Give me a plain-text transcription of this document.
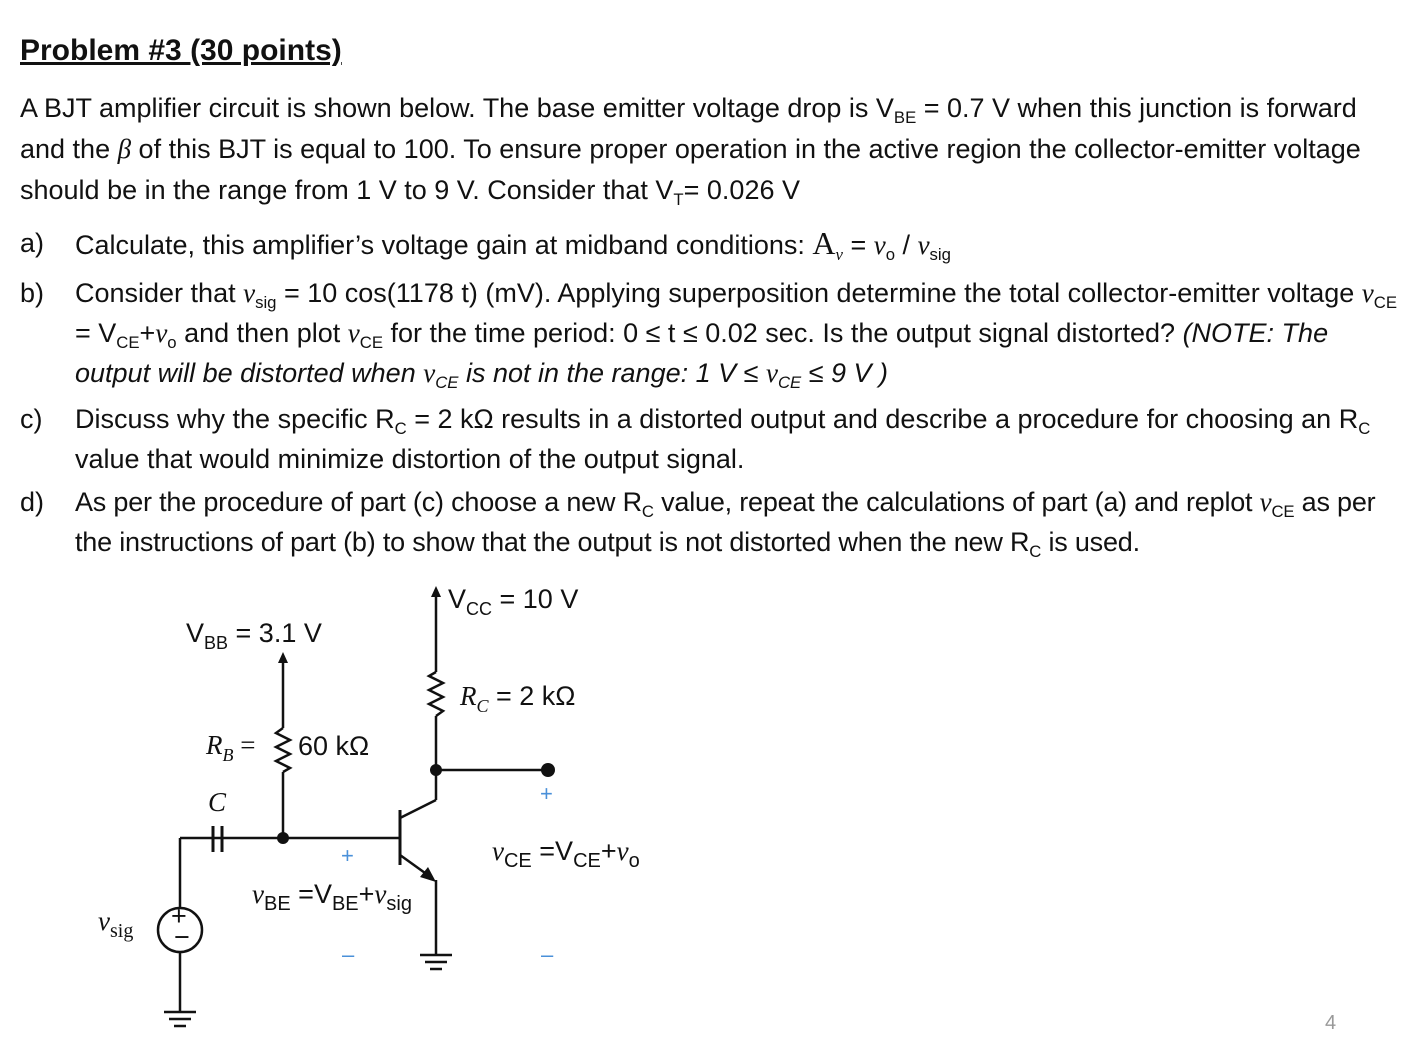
Problem #3 (30 points)
A BJT amplifier circuit is shown below. The base emitter voltage drop is $V_{BE} = 0.7$ V when this junction is forward and the β of this BJT is equal to 100. To ensure proper operation in the active region the collector-emitter voltage should be in the range from 1 V to 9 V. Consider that $V_T= 0.026$ V
a)	Calculate, this amplifier’s voltage gain at midband conditions: $A_v = v_o / v_{sig}$
b)	Consider that $v_{sig} = 10$ cos(1178 t) (mV). Applying superposition determine the total collector-emitter voltage $v_{CE} = V_{CE}+v_o$ and then plot $v_{CE}$ for the time period: 0 ≤ t ≤ 0.02 sec. Is the output signal distorted? (NOTE: The output will be distorted when $v_{CE}$ is not in the range: 1 $V \le v_{CE} \le 9$ V )
c)	Discuss why the specific $R_C = 2$ kΩ results in a distorted output and describe a procedure for choosing an $R_C$ value that would minimize distortion of the output signal.
d)	As per the procedure of part (c) choose a new $R_C$ value, repeat the calculations of part (a) and replot $v_{CE}$ as per the instructions of part (b) to show that the output is not distorted when the new $R_C$ is used.
$V_{CC} = 10$ V
$V_{BB} = 3.1$ V
$R_C = 2$ kΩ
$R_B = 60$ kΩ
C
$v_{sig}$ +
−
+
–
+
–
$v_{BE} =V_{BE}+v_{sig}$
$v_{CE} =V_{CE}+v_o$
4
